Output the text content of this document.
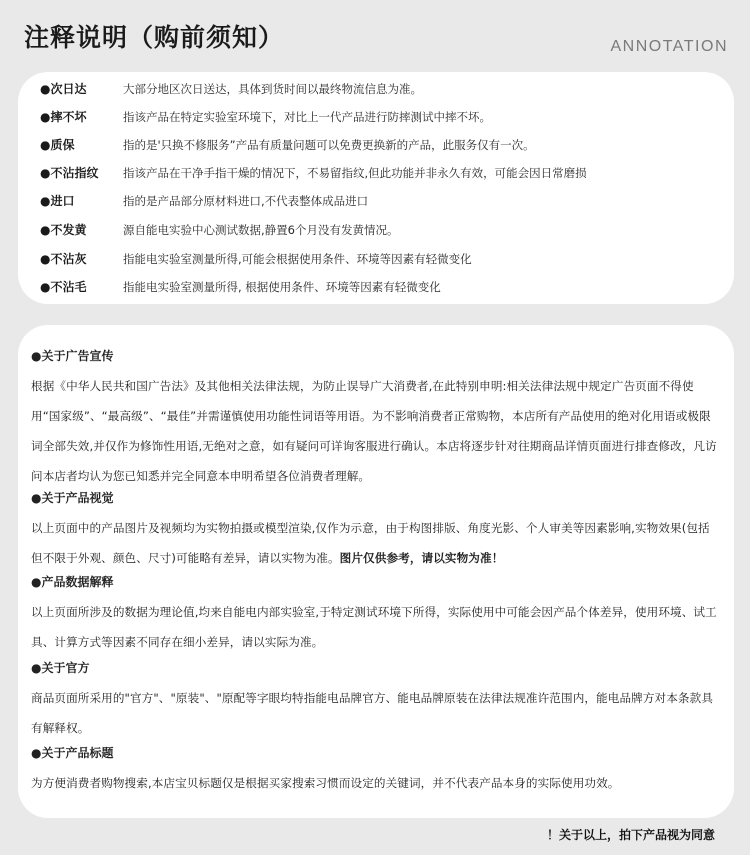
注释说明（购前须知）	ANNOTATION
●次日达	大部分地区次日送达，具体到货时间以最终物流信息为准。
●摔不坏	指该产品在特定实验室环境下，对比上一代产品进行防摔测试中摔不坏。
●质保	指的是'只换不修服务”产品有质量问题可以免费更换新的产品，此服务仅有一次。
●不沾指纹 指该产品在干净手指干燥的情况下，不易留指纹,但此功能并非永久有效，可能会因日常磨损
●进口	指的是产品部分原材料进口,不代表整体成品进口
●不发黄	源自能电实验中心测试数据,静置6个月没有发黄情况。
●不沾灰	指能电实验室测量所得,可能会根据使用条件、环境等因素有轻微变化
●不沾毛	指能电实验室测量所得, 根据使用条件、环境等因素有轻微变化
●关于广告宣传
根据《中华人民共和国广告法》及其他相关法律法规，为防止误导广大消费者,在此特别申明:相关法律法规中规定广告页面不得使用“国家级”、“最高级”、“最佳”并需谨慎使用功能性词语等用语。为不影响消费者正常购物，本店所有产品使用的绝对化用语或极限词全部失效,并仅作为修饰性用语,无绝对之意，如有疑问可详询客服进行确认。本店将逐步针对往期商品详情页面进行排查修改，凡访问本店者均认为您已知悉并完全同意本申明希望各位消费者理解。
●关于产品视觉
以上页面中的产品图片及视频均为实物拍摄或模型渲染,仅作为示意，由于构图排版、角度光影、个人审美等因素影响,实物效果(包括但不限于外观、颜色、尺寸)可能略有差异，请以实物为准。图片仅供参考，请以实物为准！
●产品数据解释
以上页面所涉及的数据为理论值,均来自能电内部实验室,于特定测试环境下所得，实际使用中可能会因产品个体差异，使用环境、试工具、计算方式等因素不同存在细小差异，请以实际为准。
●关于官方
商品页面所采用的"官方"、"原装"、"原配等字眼均特指能电品牌官方、能电品牌原装在法律法规准许范围内，能电品牌方对本条款具有解释权。
●关于产品标题
为方便消费者购物搜索,本店宝贝标题仅是根据买家搜索习惯而设定的关键词，并不代表产品本身的实际使用功效。
！关于以上，拍下产品视为同意
